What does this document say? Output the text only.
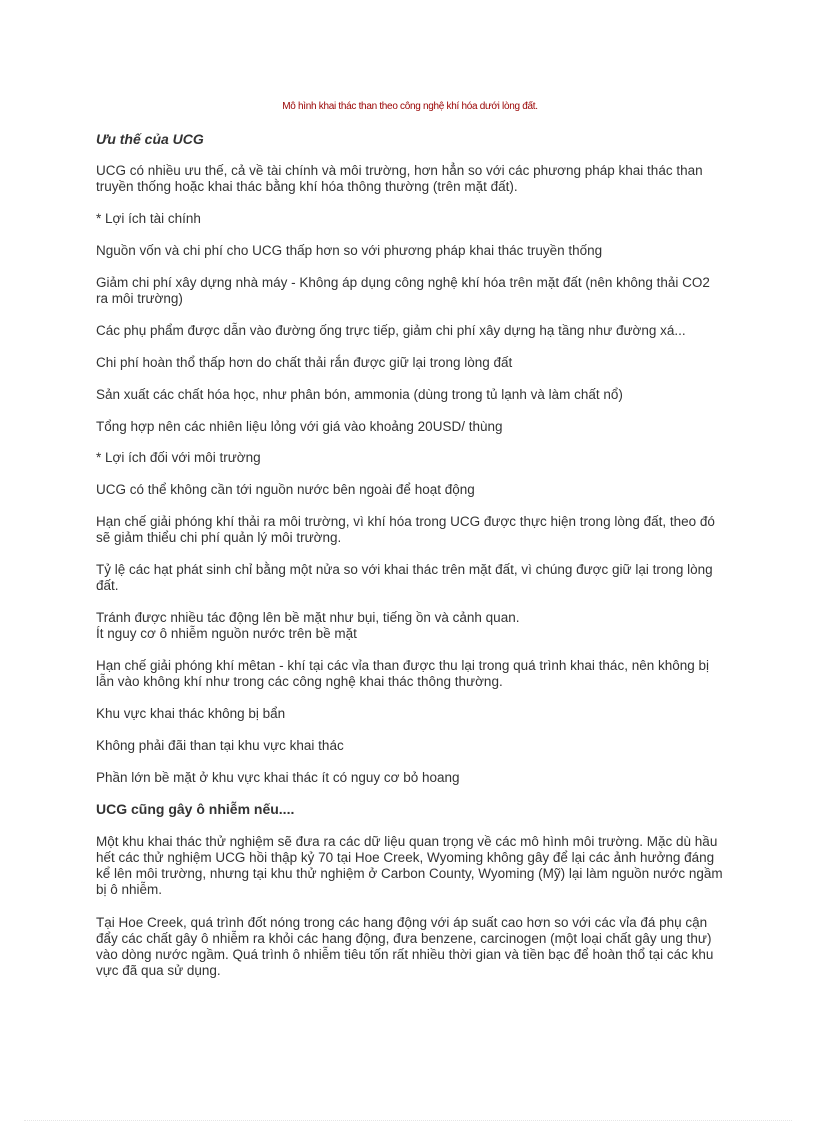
Mô hình khai thác than theo công nghệ khí hóa dưới lòng đất.

Ưu thế của UCG

UCG có nhiều ưu thế, cả về tài chính và môi trường, hơn hẳn so với các phương pháp khai thác than truyền thống hoặc khai thác bằng khí hóa thông thường (trên mặt đất).

* Lợi ích tài chính

Nguồn vốn và chi phí cho UCG thấp hơn so với phương pháp khai thác truyền thống

Giảm chi phí xây dựng nhà máy - Không áp dụng công nghệ khí hóa trên mặt đất (nên không thải CO2 ra môi trường)

Các phụ phẩm được dẫn vào đường ống trực tiếp, giảm chi phí xây dựng hạ tầng như đường xá...

Chi phí hoàn thổ thấp hơn do chất thải rắn được giữ lại trong lòng đất

Sản xuất các chất hóa học, như phân bón, ammonia (dùng trong tủ lạnh và làm chất nổ)

Tổng hợp nên các nhiên liệu lỏng với giá vào khoảng 20USD/ thùng

* Lợi ích đối với môi trường

UCG có thể không cần tới nguồn nước bên ngoài để hoạt động

Hạn chế giải phóng khí thải ra môi trường, vì khí hóa trong UCG được thực hiện trong lòng đất, theo đó sẽ giảm thiểu chi phí quản lý môi trường.

Tỷ lệ các hạt phát sinh chỉ bằng một nửa so với khai thác trên mặt đất, vì chúng được giữ lại trong lòng đất.

Tránh được nhiều tác động lên bề mặt như bụi, tiếng ồn và cảnh quan.

Ít nguy cơ ô nhiễm nguồn nước trên bề mặt

Hạn chế giải phóng khí mêtan - khí tại các vỉa than được thu lại trong quá trình khai thác, nên không bị lẫn vào không khí như trong các công nghệ khai thác thông thường.

Khu vực khai thác không bị bẩn

Không phải đãi than tại khu vực khai thác

Phần lớn bề mặt ở khu vực khai thác ít có nguy cơ bỏ hoang

UCG cũng gây ô nhiễm nếu....

Một khu khai thác thử nghiệm sẽ đưa ra các dữ liệu quan trọng về các mô hình môi trường. Mặc dù hầu hết các thử nghiệm UCG hồi thập kỷ 70 tại Hoe Creek, Wyoming không gây để lại các ảnh hưởng đáng kể lên môi trường, nhưng tại khu thử nghiệm ở Carbon County, Wyoming (Mỹ) lại làm nguồn nước ngầm bị ô nhiễm.

Tại Hoe Creek, quá trình đốt nóng trong các hang động với áp suất cao hơn so với các vỉa đá phụ cận đẩy các chất gây ô nhiễm ra khỏi các hang động, đưa benzene, carcinogen (một loại chất gây ung thư) vào dòng nước ngầm. Quá trình ô nhiễm tiêu tốn rất nhiều thời gian và tiền bạc để hoàn thổ tại các khu vực đã qua sử dụng.
